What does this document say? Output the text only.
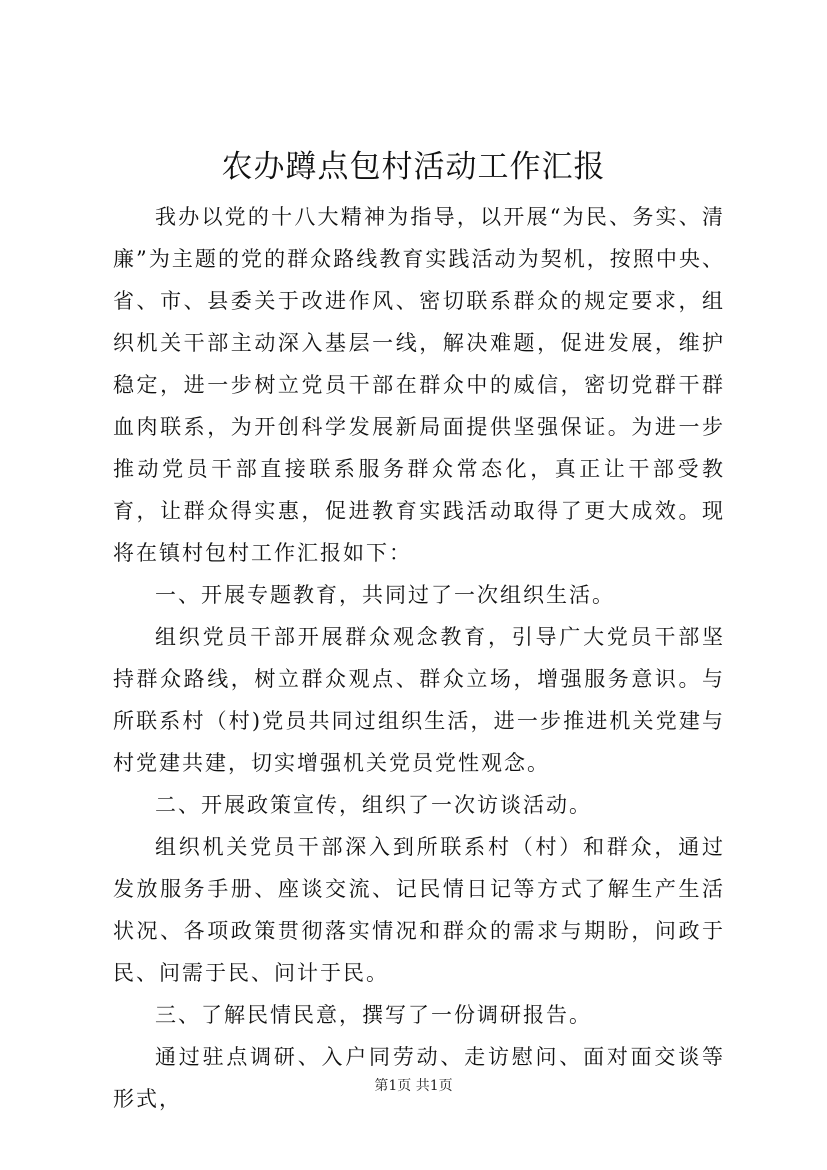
农办蹲点包村活动工作汇报

我办以党的十八大精神为指导，以开展“为民、务实、清廉”为主题的党的群众路线教育实践活动为契机，按照中央、省、市、县委关于改进作风、密切联系群众的规定要求，组织机关干部主动深入基层一线，解决难题，促进发展，维护稳定，进一步树立党员干部在群众中的威信，密切党群干群血肉联系，为开创科学发展新局面提供坚强保证。为进一步推动党员干部直接联系服务群众常态化，真正让干部受教育，让群众得实惠，促进教育实践活动取得了更大成效。现将在镇村包村工作汇报如下：

一、开展专题教育，共同过了一次组织生活。

组织党员干部开展群众观念教育，引导广大党员干部坚持群众路线，树立群众观点、群众立场，增强服务意识。与所联系村（村)党员共同过组织生活，进一步推进机关党建与村党建共建，切实增强机关党员党性观念。

二、开展政策宣传，组织了一次访谈活动。

组织机关党员干部深入到所联系村（村）和群众，通过发放服务手册、座谈交流、记民情日记等方式了解生产生活状况、各项政策贯彻落实情况和群众的需求与期盼，问政于民、问需于民、问计于民。

三、了解民情民意，撰写了一份调研报告。

通过驻点调研、入户同劳动、走访慰问、面对面交谈等形式，

第1页 共1页
